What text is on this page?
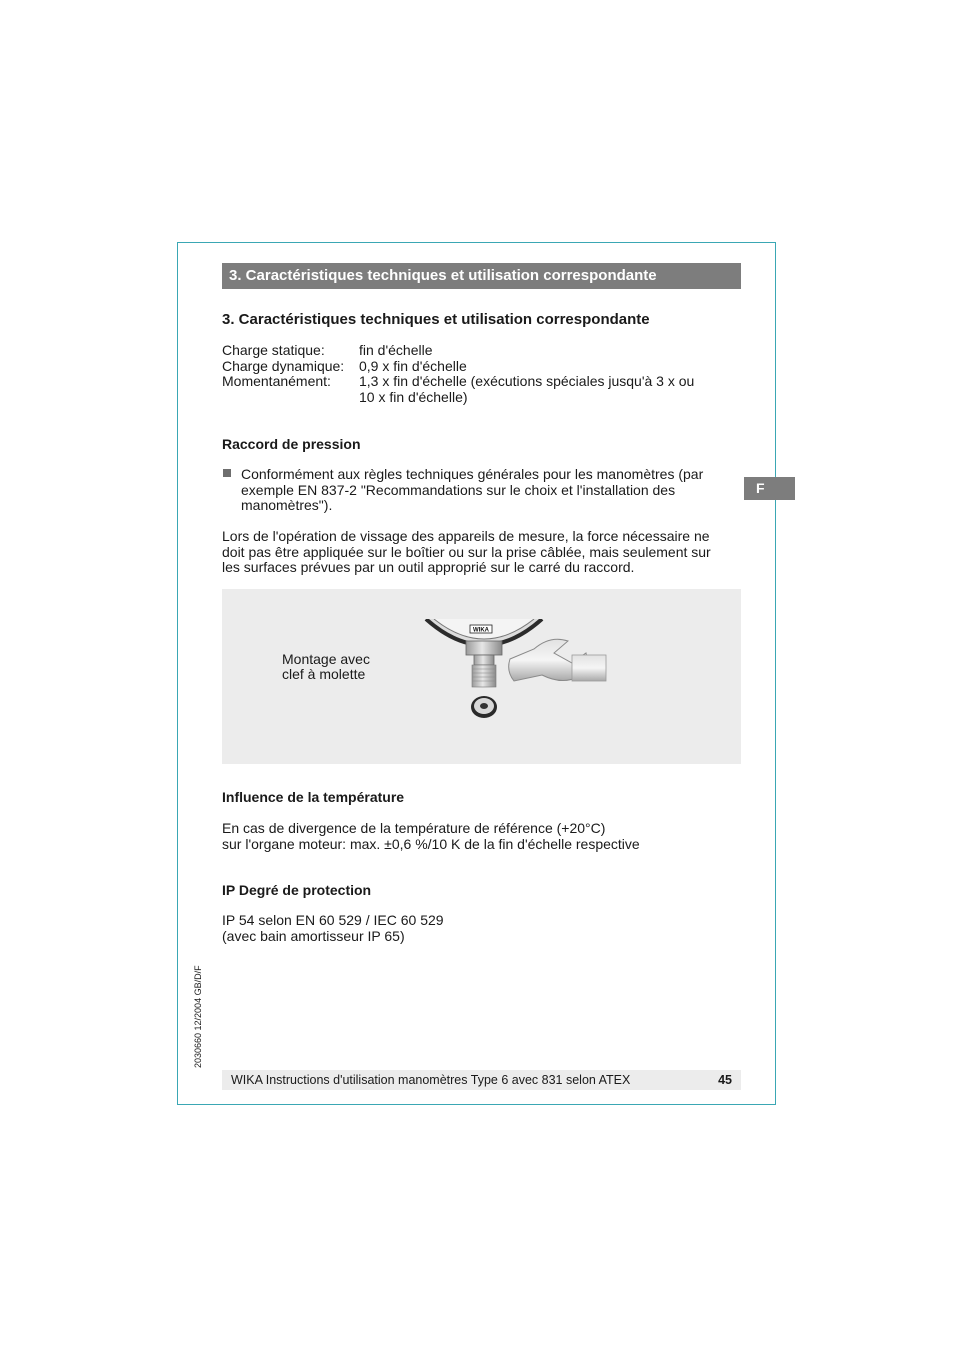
3. Caractéristiques techniques et utilisation correspondante
3. Caractéristiques techniques et utilisation correspondante
Charge statique: fin d'échelle
Charge dynamique: 0,9 x fin d'échelle
Momentanément: 1,3 x fin d'échelle (exécutions spéciales jusqu'à 3 x ou
10 x fin d'échelle)
Raccord de pression
Conformément aux règles techniques générales pour les manomètres (par
exemple EN 837-2 "Recommandations sur le choix et l'installation des
manomètres").
Lors de l'opération de vissage des appareils de mesure, la force nécessaire ne
doit pas être appliquée sur le boîtier ou sur la prise câblée, mais seulement sur
les surfaces prévues par un outil approprié sur le carré du raccord.
F
Montage avec
clef à molette
WIKA
Influence de la température
En cas de divergence de la température de référence (+20°C)
sur l'organe moteur: max. ±0,6 %/10 K de la fin d'échelle respective
IP Degré de protection
IP 54 selon EN 60 529 / IEC 60 529
(avec bain amortisseur IP 65)
2030660 12/2004 GB/D/F
WIKA Instructions d'utilisation manomètres Type 6 avec 831 selon ATEX	45
